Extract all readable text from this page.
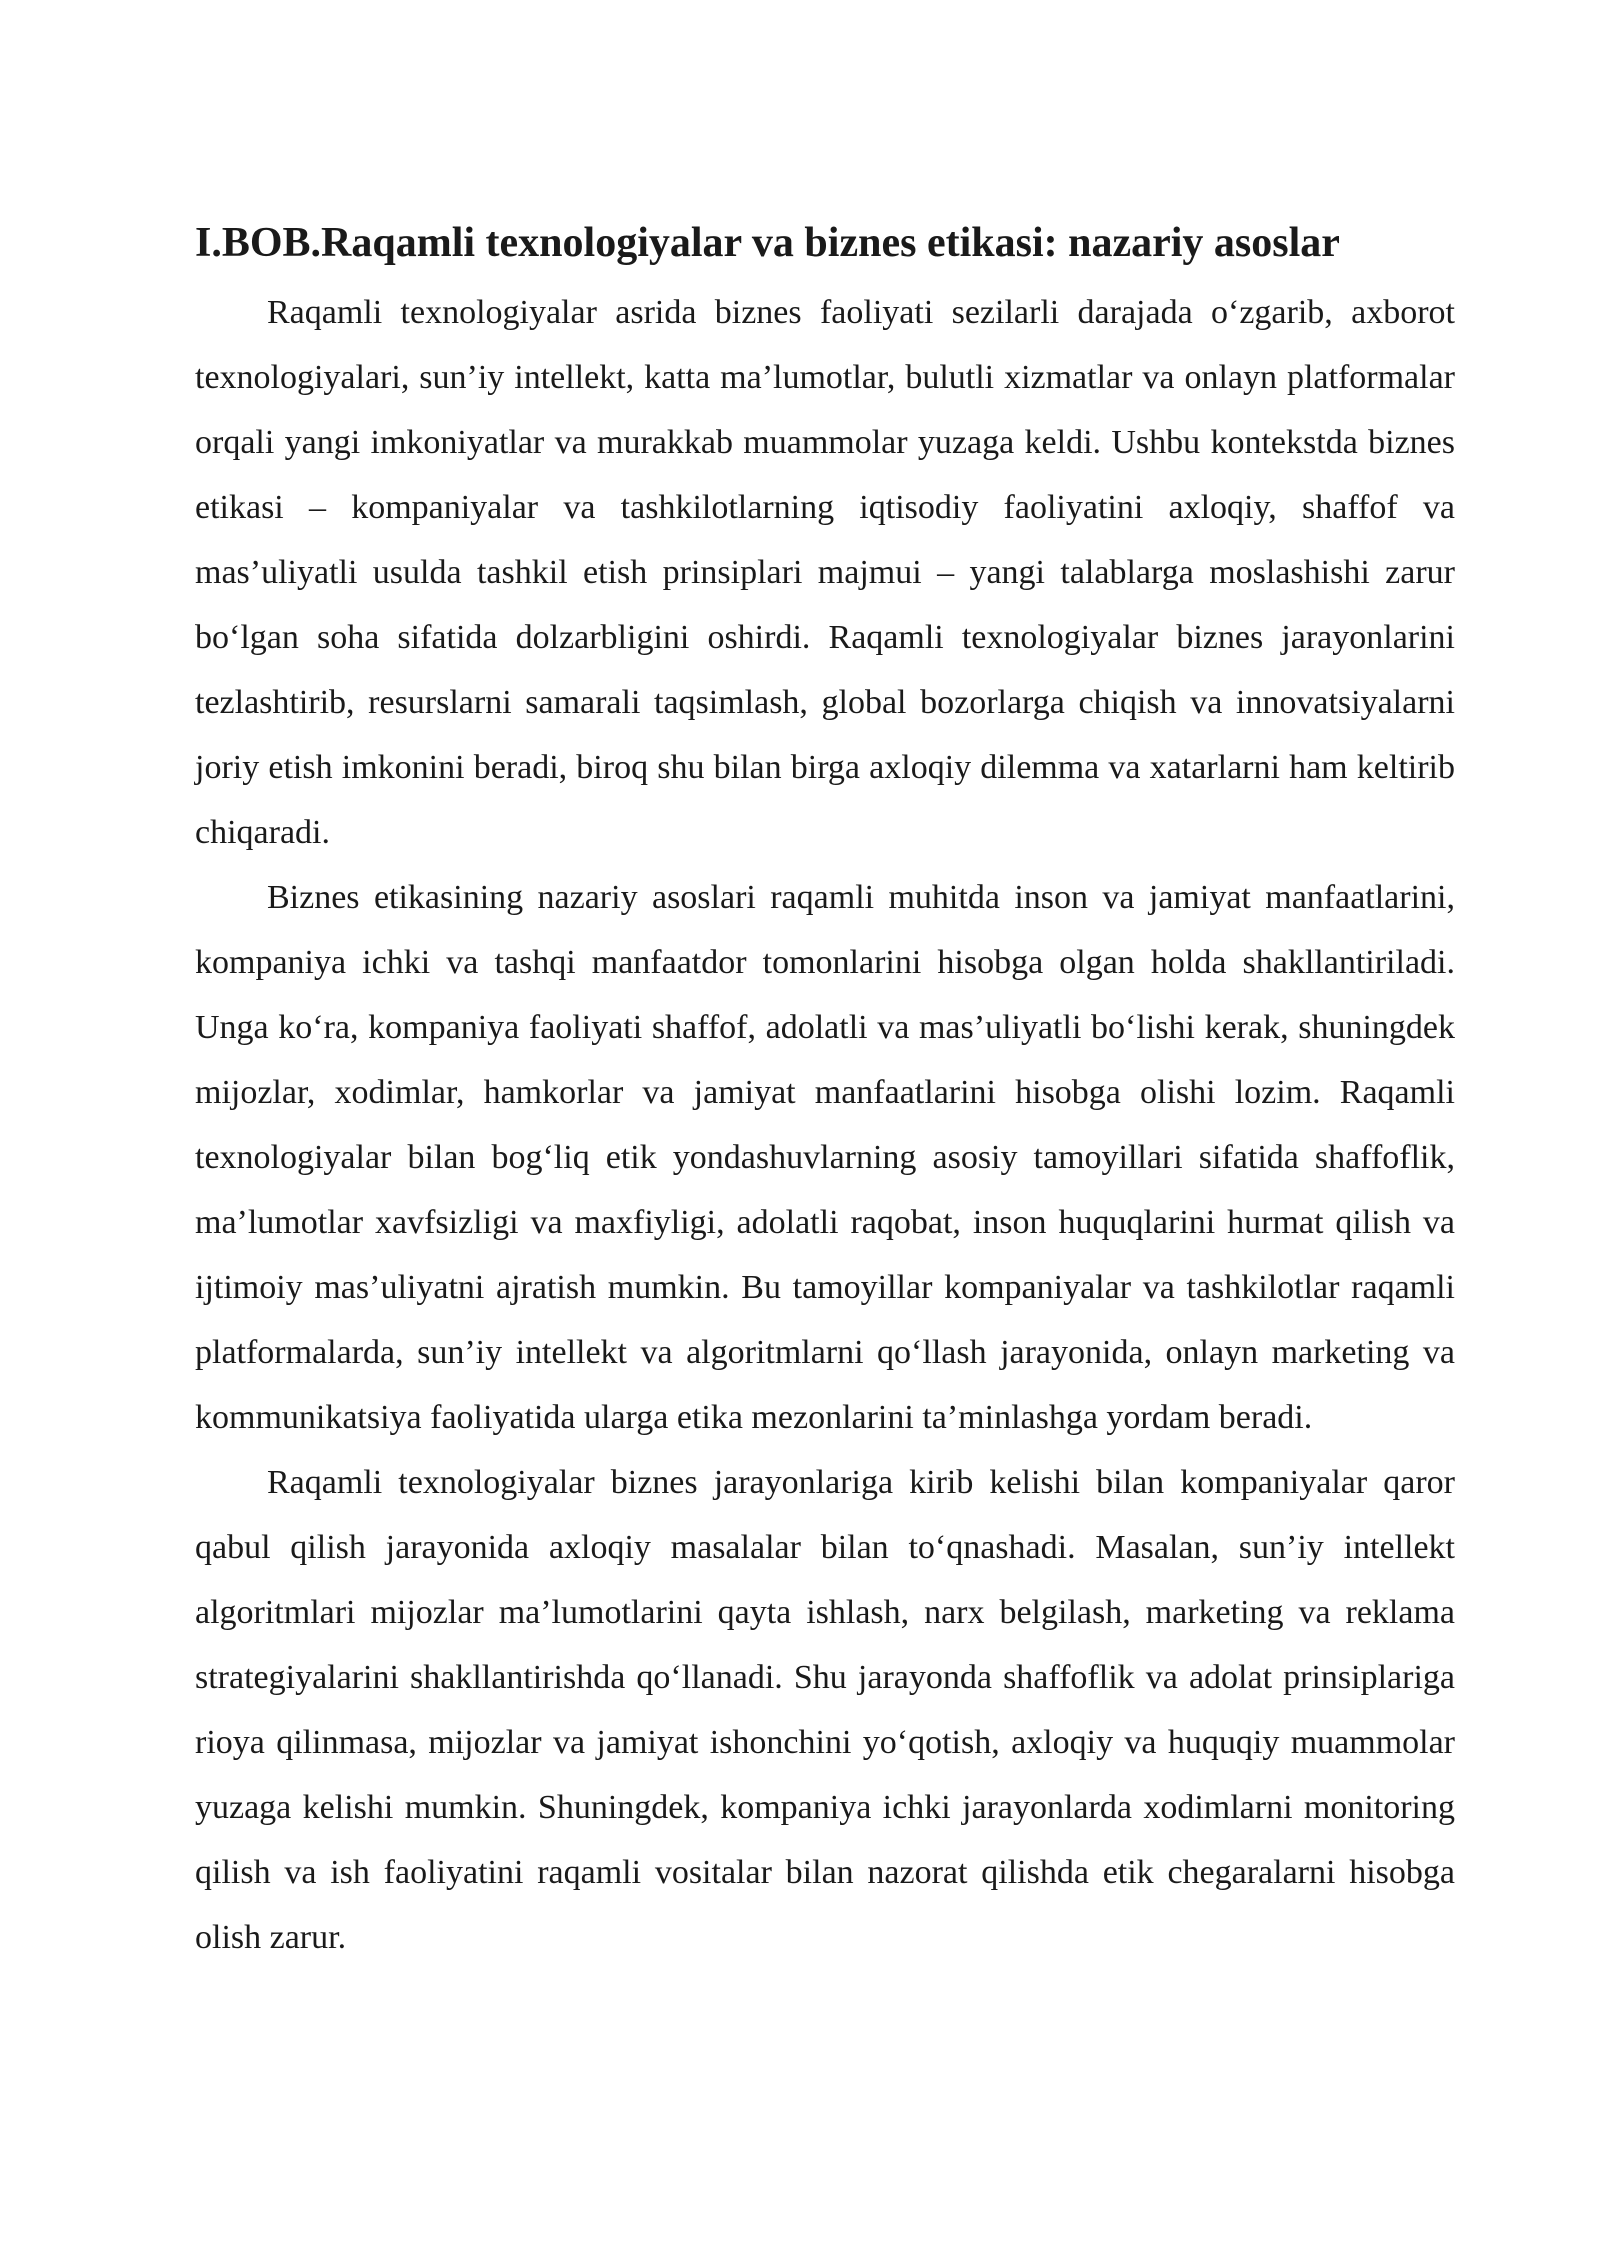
I.BOB.Raqamli texnologiyalar va biznes etikasi: nazariy asoslar

Raqamli texnologiyalar asrida biznes faoliyati sezilarli darajada o‘zgarib, axborot texnologiyalari, sun’iy intellekt, katta ma’lumotlar, bulutli xizmatlar va onlayn platformalar orqali yangi imkoniyatlar va murakkab muammolar yuzaga keldi. Ushbu kontekstda biznes etikasi – kompaniyalar va tashkilotlarning iqtisodiy faoliyatini axloqiy, shaffof va mas’uliyatli usulda tashkil etish prinsiplari majmui – yangi talablarga moslashishi zarur bo‘lgan soha sifatida dolzarbligini oshirdi. Raqamli texnologiyalar biznes jarayonlarini tezlashtirib, resurslarni samarali taqsimlash, global bozorlarga chiqish va innovatsiyalarni joriy etish imkonini beradi, biroq shu bilan birga axloqiy dilemma va xatarlarni ham keltirib chiqaradi.

Biznes etikasining nazariy asoslari raqamli muhitda inson va jamiyat manfaatlarini, kompaniya ichki va tashqi manfaatdor tomonlarini hisobga olgan holda shakllantiriladi. Unga ko‘ra, kompaniya faoliyati shaffof, adolatli va mas’uliyatli bo‘lishi kerak, shuningdek mijozlar, xodimlar, hamkorlar va jamiyat manfaatlarini hisobga olishi lozim. Raqamli texnologiyalar bilan bog‘liq etik yondashuvlarning asosiy tamoyillari sifatida shaffoflik, ma’lumotlar xavfsizligi va maxfiyligi, adolatli raqobat, inson huquqlarini hurmat qilish va ijtimoiy mas’uliyatni ajratish mumkin. Bu tamoyillar kompaniyalar va tashkilotlar raqamli platformalarda, sun’iy intellekt va algoritmlarni qo‘llash jarayonida, onlayn marketing va kommunikatsiya faoliyatida ularga etika mezonlarini ta’minlashga yordam beradi.

Raqamli texnologiyalar biznes jarayonlariga kirib kelishi bilan kompaniyalar qaror qabul qilish jarayonida axloqiy masalalar bilan to‘qnashadi. Masalan, sun’iy intellekt algoritmlari mijozlar ma’lumotlarini qayta ishlash, narx belgilash, marketing va reklama strategiyalarini shakllantirishda qo‘llanadi. Shu jarayonda shaffoflik va adolat prinsiplariga rioya qilinmasa, mijozlar va jamiyat ishonchini yo‘qotish, axloqiy va huquqiy muammolar yuzaga kelishi mumkin. Shuningdek, kompaniya ichki jarayonlarda xodimlarni monitoring qilish va ish faoliyatini raqamli vositalar bilan nazorat qilishda etik chegaralarni hisobga olish zarur.
